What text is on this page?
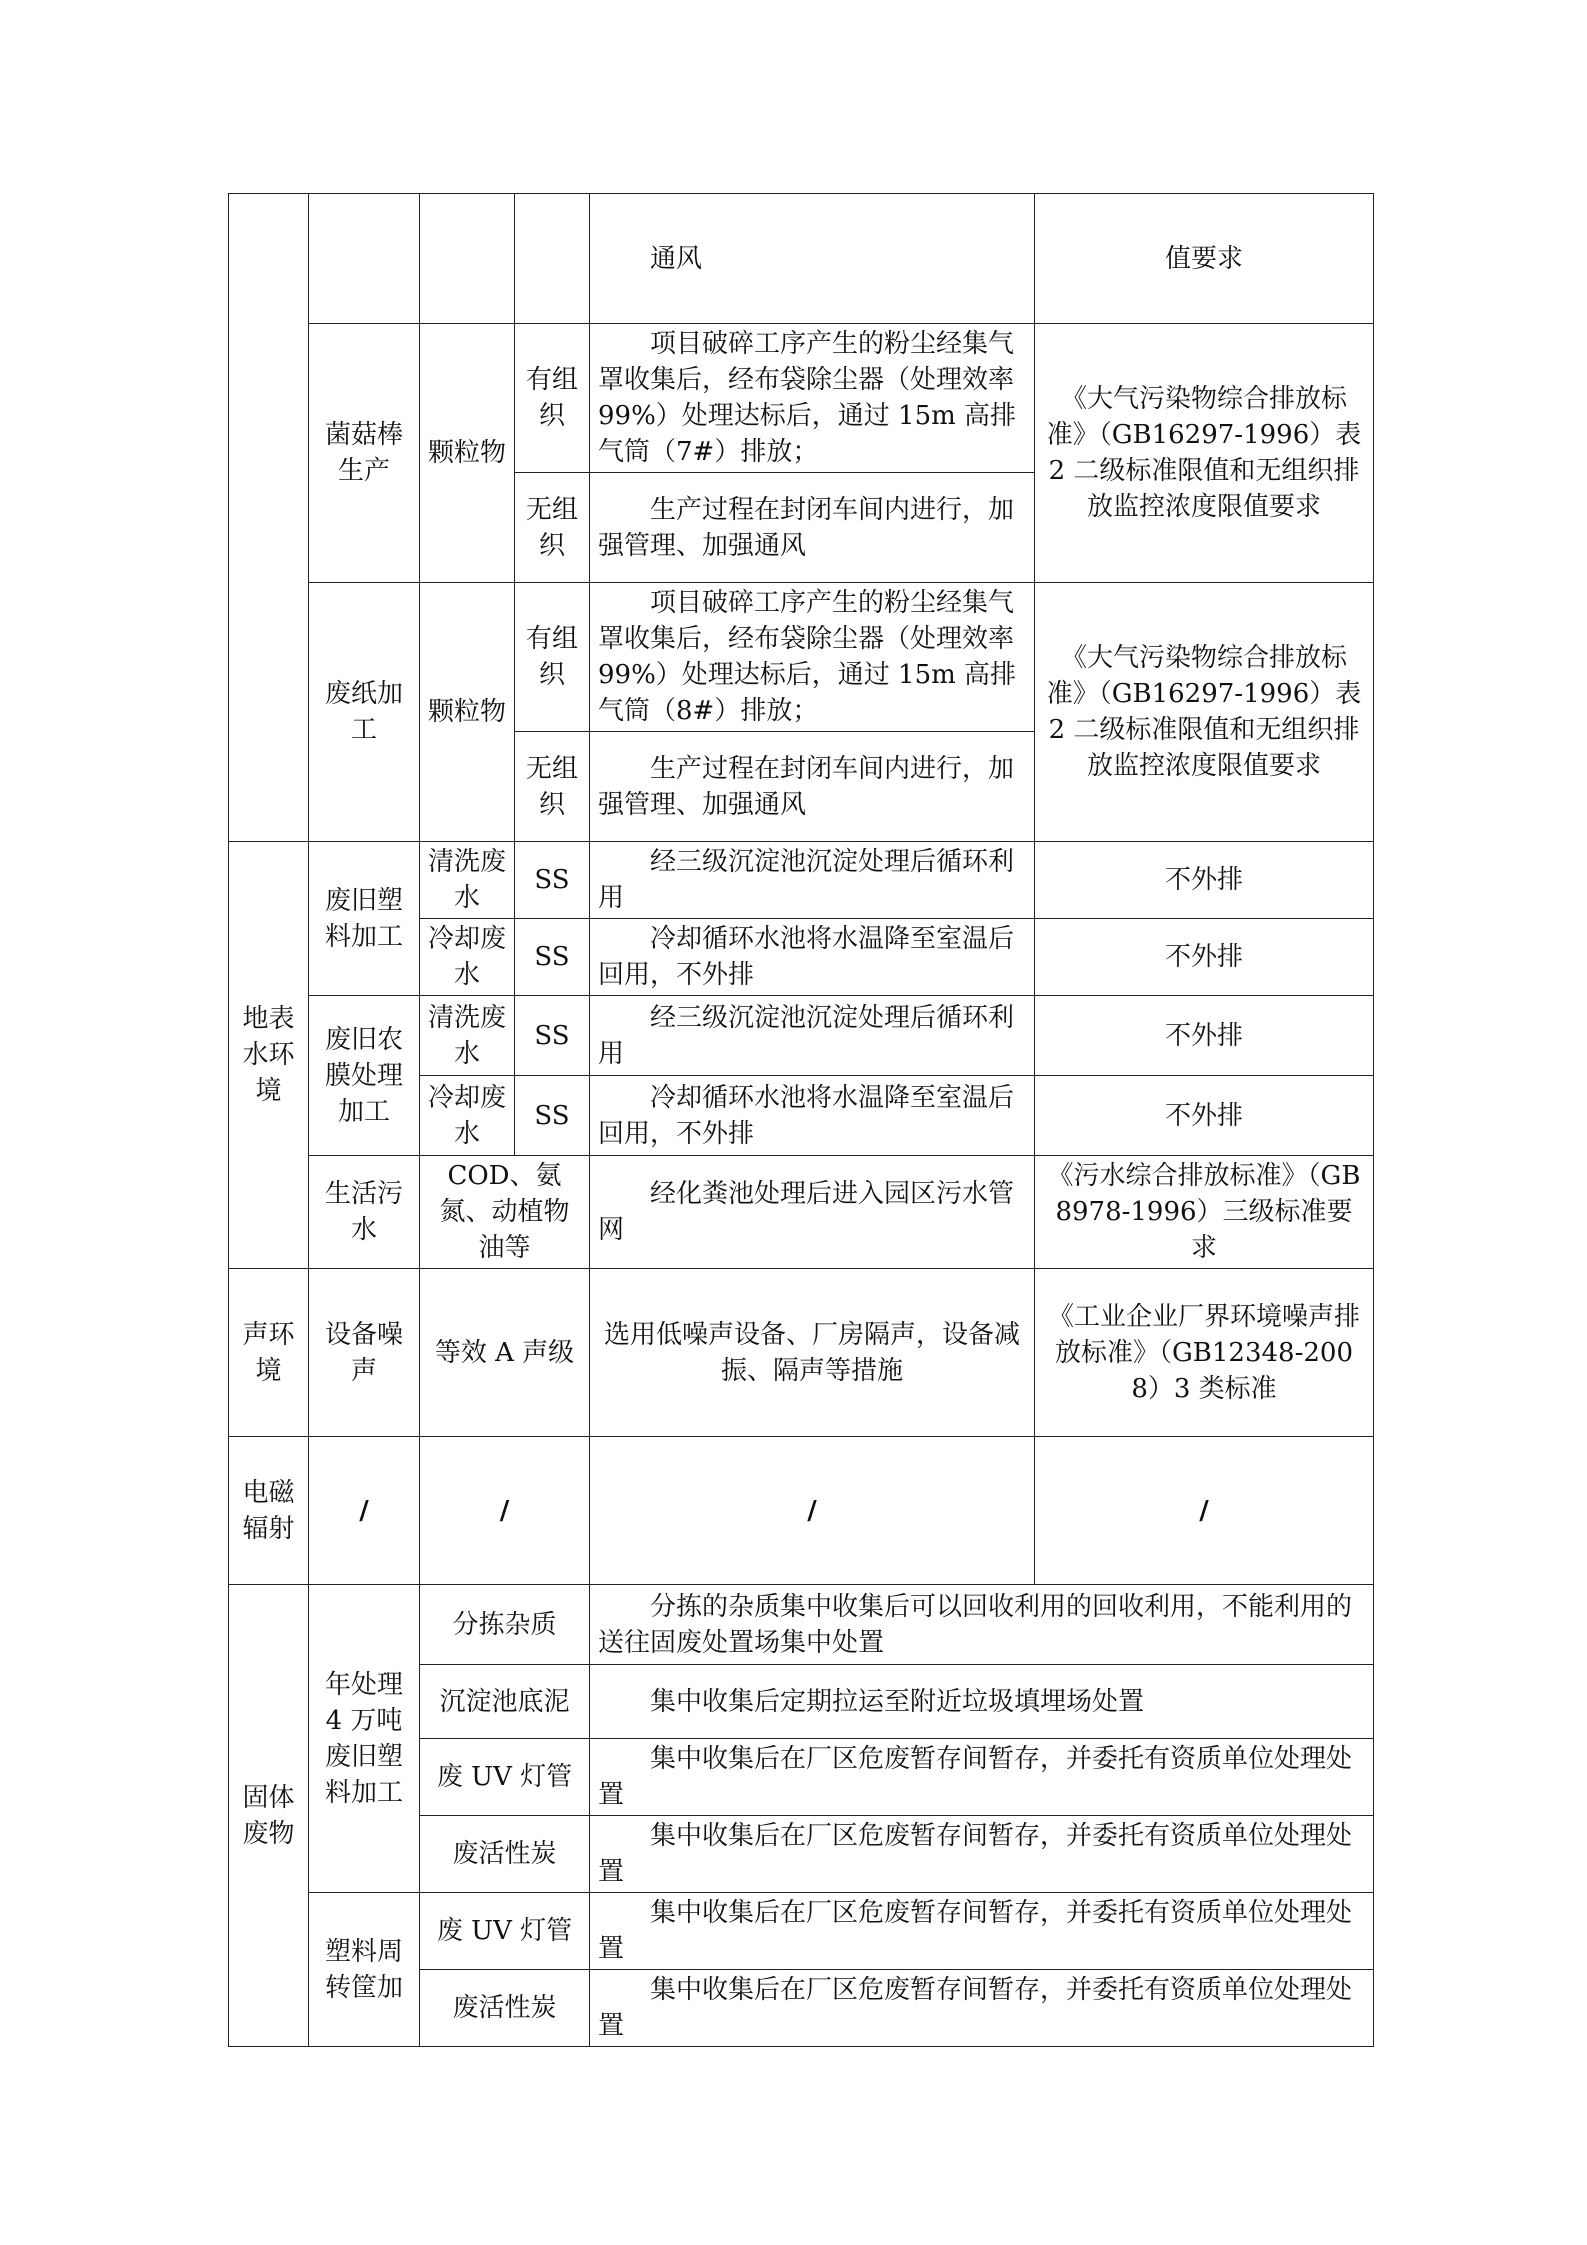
				通风	值要求
	菌菇棒生产	颗粒物	有组织	项目破碎工序产生的粉尘经集气罩收集后，经布袋除尘器（处理效率 99%）处理达标后，通过 15m 高排气筒（7#）排放；	《大气污染物综合排放标准》（GB16297-1996）表 2 二级标准限值和无组织排放监控浓度限值要求
			无组织	生产过程在封闭车间内进行，加强管理、加强通风	
	废纸加工	颗粒物	有组织	项目破碎工序产生的粉尘经集气罩收集后，经布袋除尘器（处理效率 99%）处理达标后，通过 15m 高排气筒（8#）排放；	《大气污染物综合排放标准》（GB16297-1996）表 2 二级标准限值和无组织排放监控浓度限值要求
			无组织	生产过程在封闭车间内进行，加强管理、加强通风	
地表水环境	废旧塑料加工	清洗废水	SS	经三级沉淀池沉淀处理后循环利用	不外排
		冷却废水	SS	冷却循环水池将水温降至室温后回用，不外排	不外排
	废旧农膜处理加工	清洗废水	SS	经三级沉淀池沉淀处理后循环利用	不外排
		冷却废水	SS	冷却循环水池将水温降至室温后回用，不外排	不外排
	生活污水	COD、氨氮、动植物油等		经化粪池处理后进入园区污水管网	《污水综合排放标准》（GB8978-1996）三级标准要求
声环境	设备噪声	等效 A 声级		选用低噪声设备、厂房隔声，设备减振、隔声等措施	《工业企业厂界环境噪声排放标准》（GB12348-2008）3 类标准
电磁辐射	/	/		/	/
固体废物	年处理 4 万吨废旧塑料加工	分拣杂质		分拣的杂质集中收集后可以回收利用的回收利用，不能利用的送往固废处置场集中处置	
		沉淀池底泥		集中收集后定期拉运至附近垃圾填埋场处置	
		废 UV 灯管		集中收集后在厂区危废暂存间暂存，并委托有资质单位处理处置	
		废活性炭		集中收集后在厂区危废暂存间暂存，并委托有资质单位处理处置	
	塑料周转筐加	废 UV 灯管		集中收集后在厂区危废暂存间暂存，并委托有资质单位处理处置	
		废活性炭		集中收集后在厂区危废暂存间暂存，并委托有资质单位处理处置	
